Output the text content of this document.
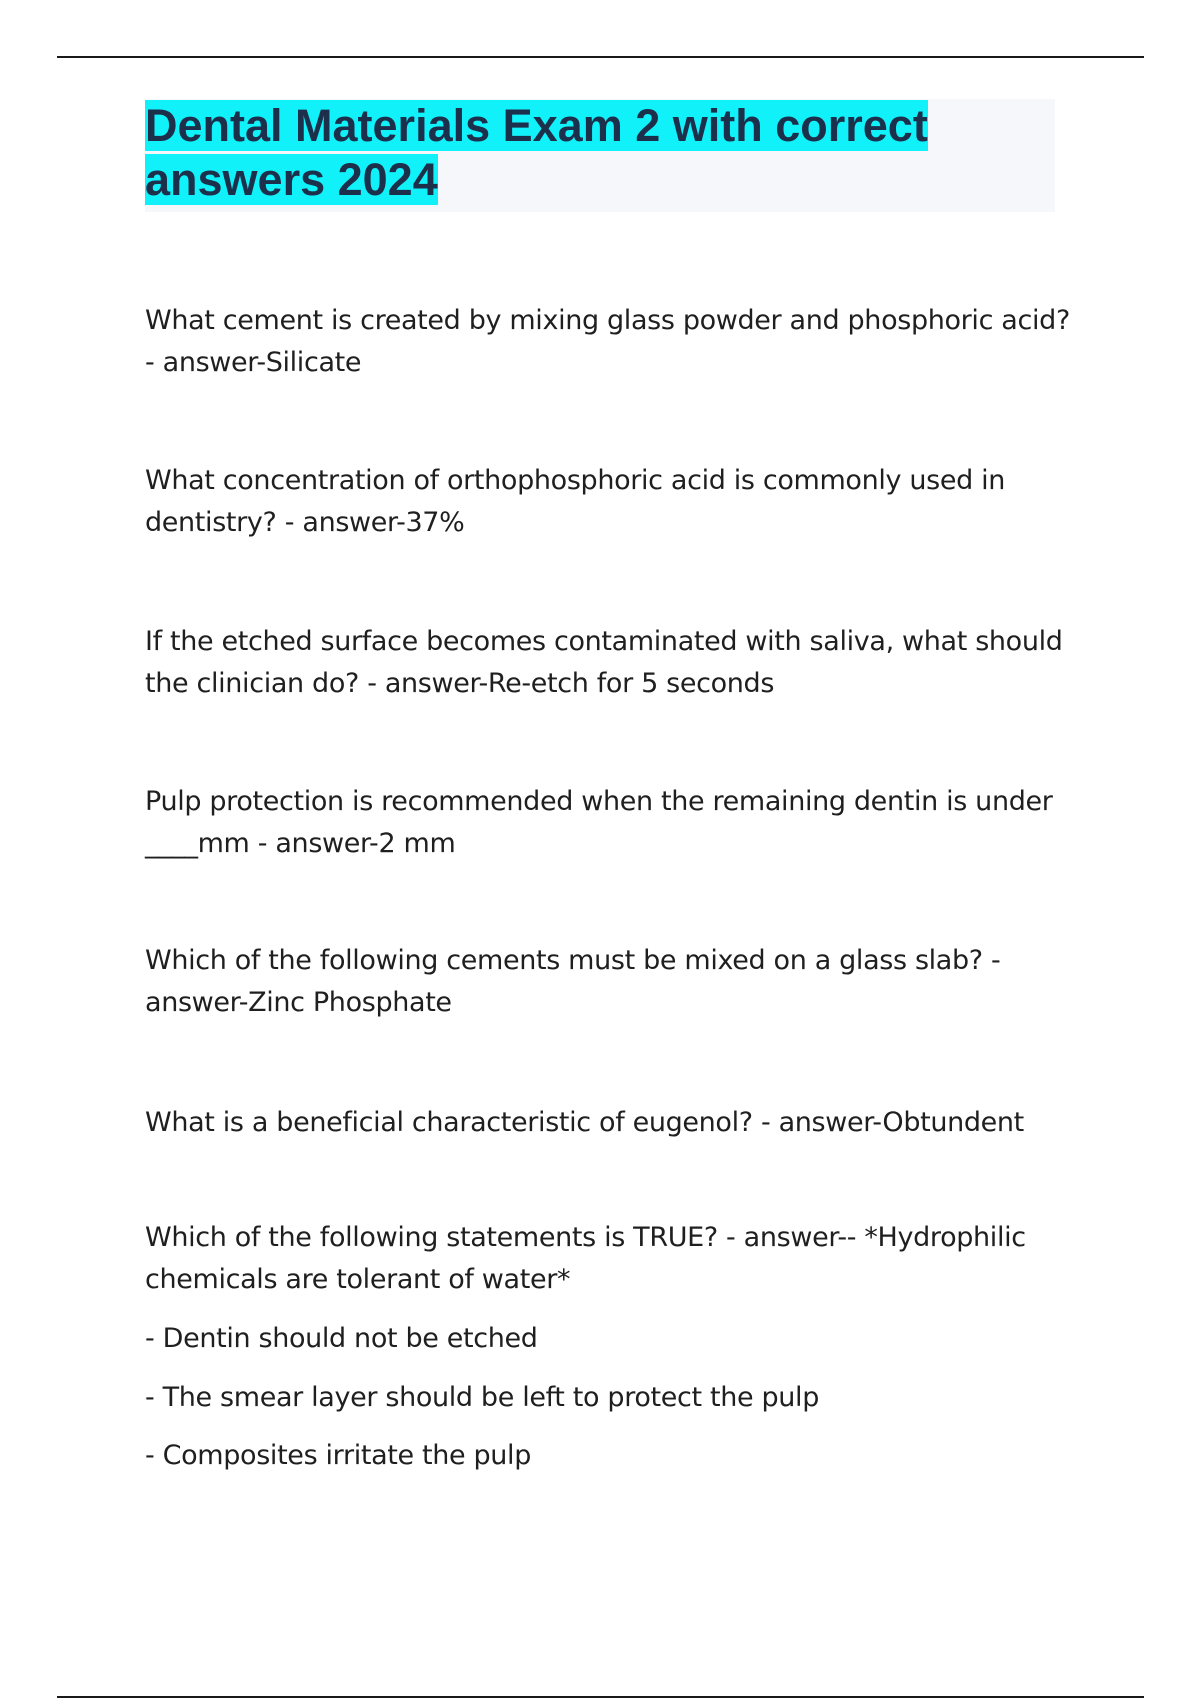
Dental Materials Exam 2 with correct
answers 2024

What cement is created by mixing glass powder and phosphoric acid? - answer-Silicate

What concentration of orthophosphoric acid is commonly used in dentistry? - answer-37%

If the etched surface becomes contaminated with saliva, what should the clinician do? - answer-Re-etch for 5 seconds

Pulp protection is recommended when the remaining dentin is under ____mm - answer-2 mm

Which of the following cements must be mixed on a glass slab? - answer-Zinc Phosphate

What is a beneficial characteristic of eugenol? - answer-Obtundent

Which of the following statements is TRUE? - answer-- *Hydrophilic chemicals are tolerant of water*

- Dentin should not be etched

- The smear layer should be left to protect the pulp

- Composites irritate the pulp
